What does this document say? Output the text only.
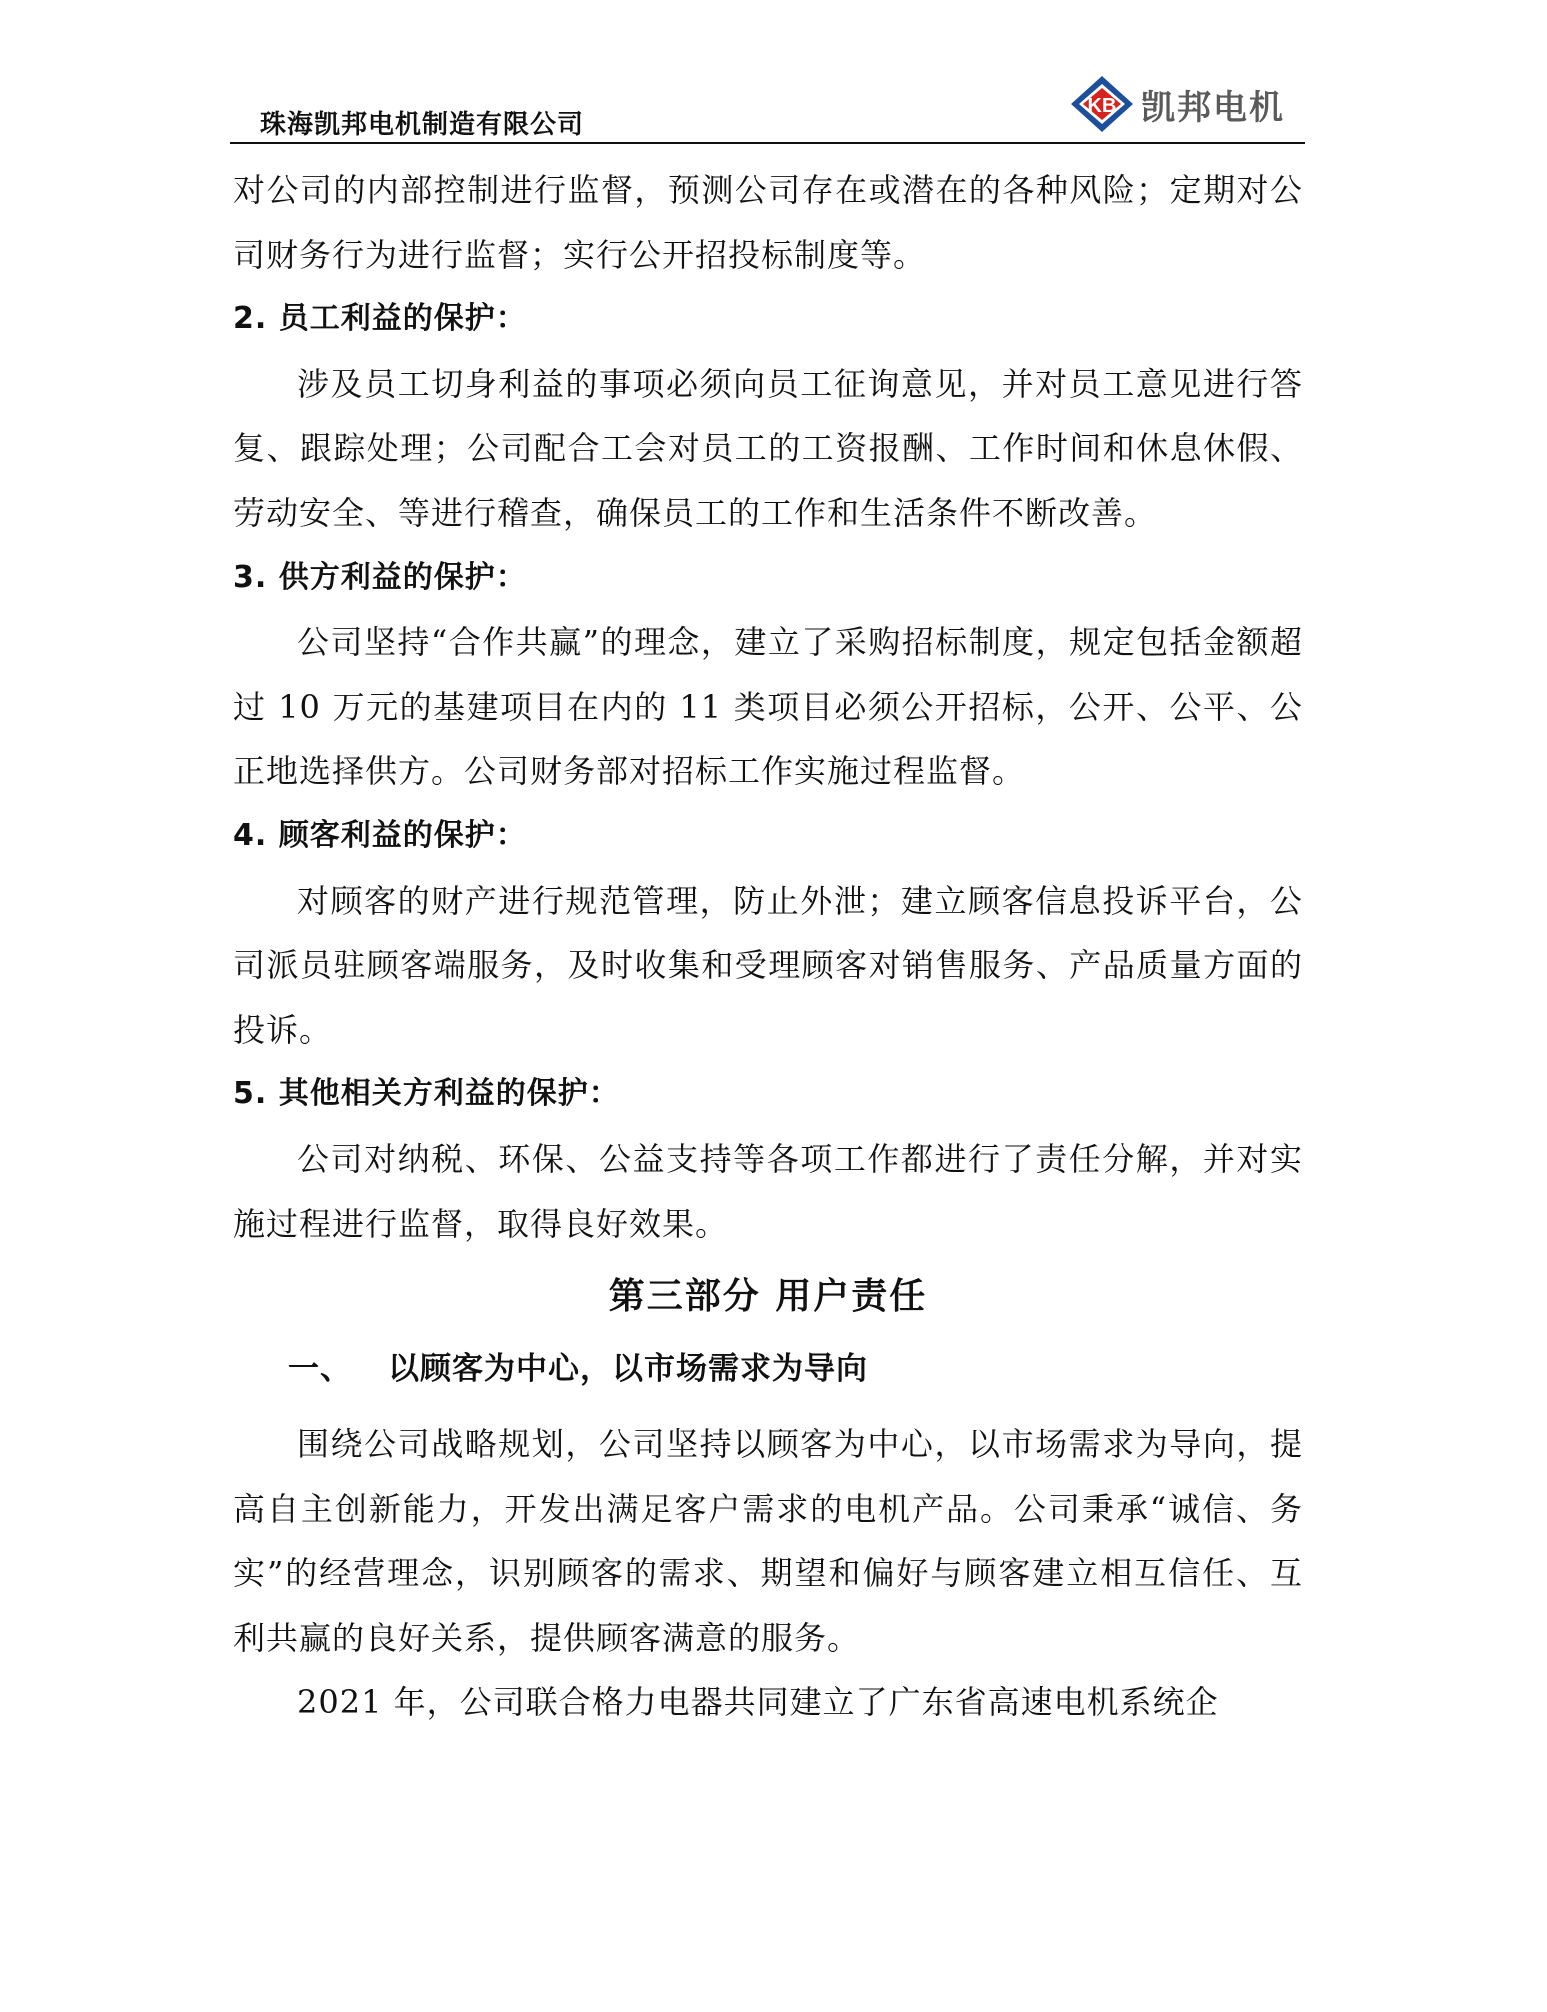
珠海凯邦电机制造有限公司
KB 凯邦电机

对公司的内部控制进行监督，预测公司存在或潜在的各种风险；定期对公司财务行为进行监督；实行公开招投标制度等。

2. 员工利益的保护：

涉及员工切身利益的事项必须向员工征询意见，并对员工意见进行答复、跟踪处理；公司配合工会对员工的工资报酬、工作时间和休息休假、劳动安全、等进行稽查，确保员工的工作和生活条件不断改善。

3. 供方利益的保护：

公司坚持“合作共赢”的理念，建立了采购招标制度，规定包括金额超过 10 万元的基建项目在内的 11 类项目必须公开招标，公开、公平、公正地选择供方。公司财务部对招标工作实施过程监督。

4. 顾客利益的保护：

对顾客的财产进行规范管理，防止外泄；建立顾客信息投诉平台，公司派员驻顾客端服务，及时收集和受理顾客对销售服务、产品质量方面的投诉。

5. 其他相关方利益的保护：

公司对纳税、环保、公益支持等各项工作都进行了责任分解，并对实施过程进行监督，取得良好效果。

第三部分 用户责任
一、	以顾客为中心，以市场需求为导向

围绕公司战略规划，公司坚持以顾客为中心，以市场需求为导向，提高自主创新能力，开发出满足客户需求的电机产品。公司秉承“诚信、务实”的经营理念，识别顾客的需求、期望和偏好与顾客建立相互信任、互利共赢的良好关系，提供顾客满意的服务。

2021 年，公司联合格力电器共同建立了广东省高速电机系统企
